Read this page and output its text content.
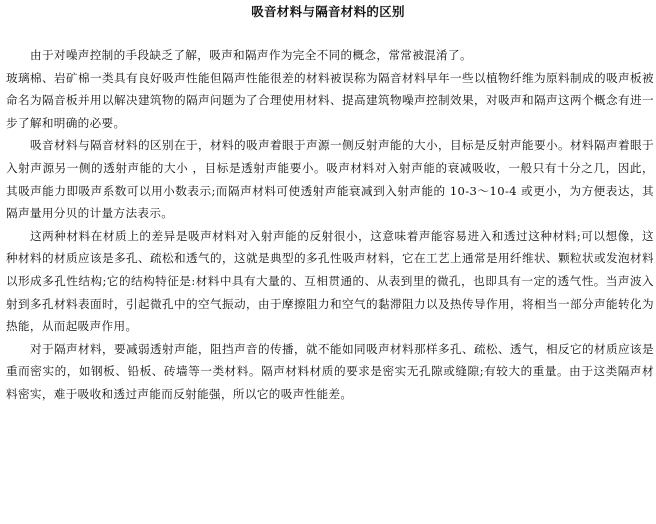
吸音材料与隔音材料的区别

由于对噪声控制的手段缺乏了解，吸声和隔声作为完全不同的概念，常常被混淆了。

玻璃棉、岩矿棉一类具有良好吸声性能但隔声性能很差的材料被误称为隔音材料早年一些以植物纤维为原料制成的吸声板被命名为隔音板并用以解决建筑物的隔声问题为了合理使用材料、提高建筑物噪声控制效果，对吸声和隔声这两个概念有进一步了解和明确的必要。

吸音材料与隔音材料的区别在于，材料的吸声着眼于声源一侧反射声能的大小，目标是反射声能要小。材料隔声着眼于入射声源另一侧的透射声能的大小 ，目标是透射声能要小。吸声材料对入射声能的衰减吸收，一般只有十分之几，因此，其吸声能力即吸声系数可以用小数表示;而隔声材料可使透射声能衰减到入射声能的 10-3～10-4 或更小，为方便表达，其隔声量用分贝的计量方法表示。

这两种材料在材质上的差异是吸声材料对入射声能的反射很小，这意味着声能容易进入和透过这种材料;可以想像，这种材料的材质应该是多孔、疏松和透气的，这就是典型的多孔性吸声材料，它在工艺上通常是用纤维状、颗粒状或发泡材料以形成多孔性结构;它的结构特征是:材料中具有大量的、互相贯通的、从表到里的微孔，也即具有一定的透气性。当声波入射到多孔材料表面时，引起微孔中的空气振动，由于摩擦阻力和空气的黏滞阻力以及热传导作用，将相当一部分声能转化为热能，从而起吸声作用。

对于隔声材料，要减弱透射声能，阻挡声音的传播，就不能如同吸声材料那样多孔、疏松、透气，相反它的材质应该是重而密实的，如钢板、铅板、砖墙等一类材料。隔声材料材质的要求是密实无孔隙或缝隙;有较大的重量。由于这类隔声材料密实，难于吸收和透过声能而反射能强，所以它的吸声性能差。
